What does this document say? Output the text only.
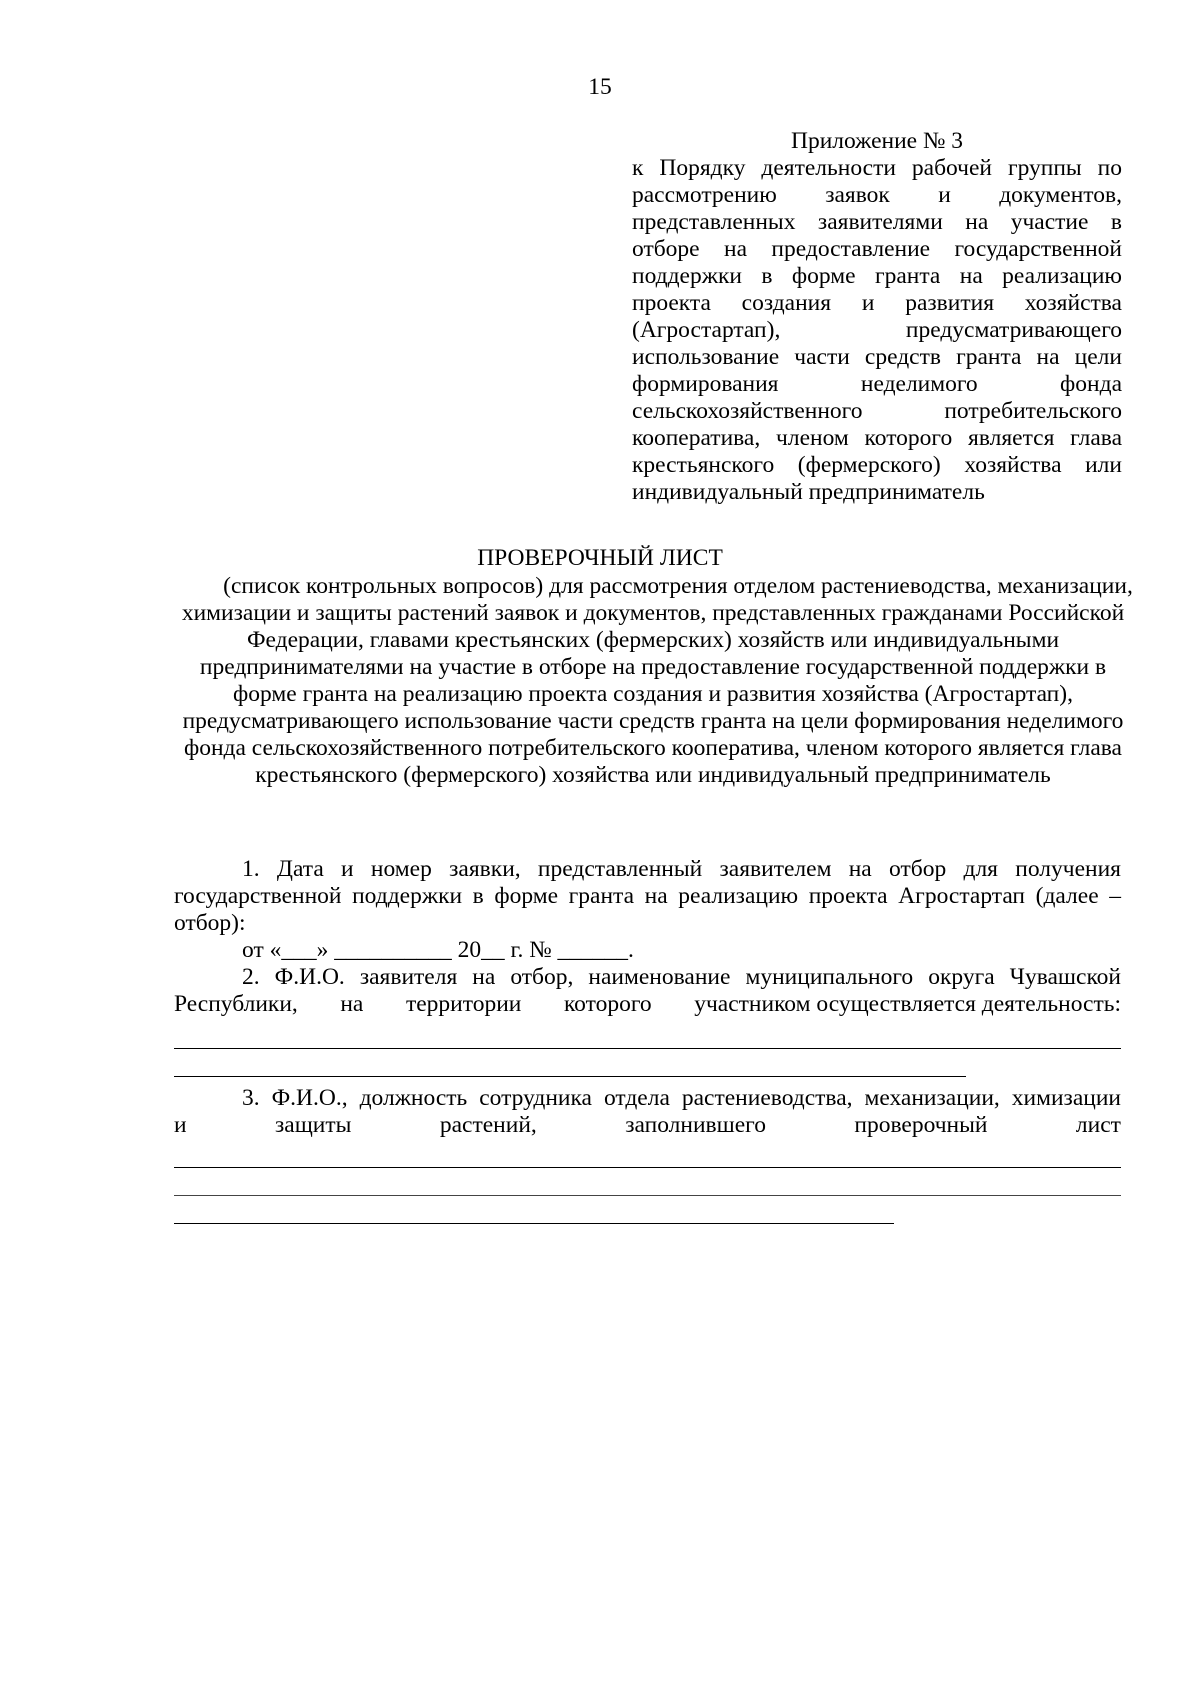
15

Приложение № 3

к Порядку деятельности рабочей группы по рассмотрению заявок и документов, представленных заявителями на участие в отборе на предоставление государственной поддержки в форме гранта на реализацию проекта создания и развития хозяйства (Агростартап), предусматривающего использование части средств гранта на цели формирования неделимого фонда сельскохозяйственного потребительского кооператива, членом которого является глава крестьянского (фермерского) хозяйства или индивидуальный предприниматель

ПРОВЕРОЧНЫЙ ЛИСТ

(список контрольных вопросов) для рассмотрения отделом растениеводства, механизации, химизации и защиты растений заявок и документов, представленных гражданами Российской Федерации, главами крестьянских (фермерских) хозяйств или индивидуальными предпринимателями на участие в отборе на предоставление государственной поддержки в форме гранта на реализацию проекта создания и развития хозяйства (Агростартап), предусматривающего использование части средств гранта на цели формирования неделимого фонда сельскохозяйственного потребительского кооператива, членом которого является глава крестьянского (фермерского) хозяйства или индивидуальный предприниматель

1. Дата и номер заявки, представленный заявителем на отбор для получения государственной поддержки в форме гранта на реализацию проекта Агростартап (далее – отбор):

от «___» __________ 20__ г. № ______.

2. Ф.И.О. заявителя на отбор, наименование муниципального округа Чувашской

Республики, на территории которого участником осуществляется деятельность:

3. Ф.И.О., должность сотрудника отдела растениеводства, механизации, химизации

и	защиты	растений,	заполнившего	проверочный	лист
